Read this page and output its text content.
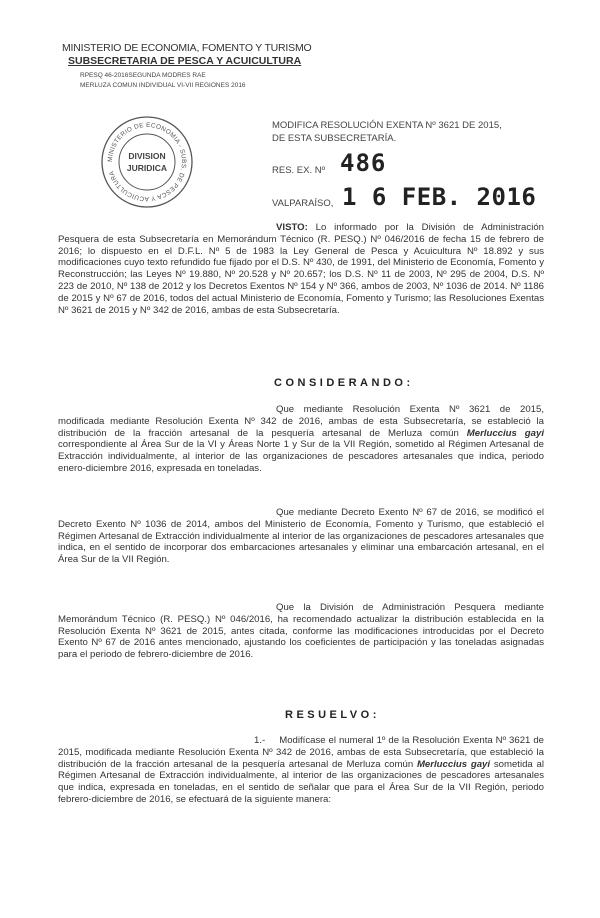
MINISTERIO DE ECONOMIA, FOMENTO Y TURISMO
SUBSECRETARIA DE PESCA Y ACUICULTURA
RPESQ 46-2016SEGUNDA MODRES RAE
MERLUZA COMUN INDIVIDUAL VI-VII REGIONES 2016
MINISTERIO DE ECONOMIA - SUBS. DE PESCA Y ACUICULTURA
DIVISION
JURIDICA
MODIFICA RESOLUCIÓN EXENTA Nº 3621 DE 2015,
DE ESTA SUBSECRETARÍA.
RES. EX. Nº 486
VALPARAÍSO, 1 6 FEB. 2016
VISTO: Lo informado por la División de Administración Pesquera de esta Subsecretaría en Memorándum Técnico (R. PESQ.) Nº 046/2016 de fecha 15 de febrero de 2016; lo dispuesto en el D.F.L. Nº 5 de 1983 la Ley General de Pesca y Acuicultura Nº 18.892 y sus modificaciones cuyo texto refundido fue fijado por el D.S. Nº 430, de 1991, del Ministerio de Economía, Fomento y Reconstrucción; las Leyes Nº 19.880, Nº 20.528 y Nº 20.657; los D.S. Nº 11 de 2003, Nº 295 de 2004, D.S. Nº 223 de 2010, Nº 138 de 2012 y los Decretos Exentos Nº 154 y Nº 366, ambos de 2003, Nº 1036 de 2014. Nº 1186 de 2015 y Nº 67 de 2016, todos del actual Ministerio de Economía, Fomento y Turismo; las Resoluciones Exentas Nº 3621 de 2015 y Nº 342 de 2016, ambas de esta Subsecretaría.
CONSIDERANDO:
Que mediante Resolución Exenta Nº 3621 de 2015, modificada mediante Resolución Exenta Nº 342 de 2016, ambas de esta Subsecretaría, se estableció la distribución de la fracción artesanal de la pesquería artesanal de Merluza común Merluccius gayi correspondiente al Área Sur de la VI y Áreas Norte 1 y Sur de la VII Región, sometido al Régimen Artesanal de Extracción individualmente, al interior de las organizaciones de pescadores artesanales que indica, periodo enero-diciembre 2016, expresada en toneladas.
Que mediante Decreto Exento Nº 67 de 2016, se modificó el Decreto Exento Nº 1036 de 2014, ambos del Ministerio de Economía, Fomento y Turismo, que estableció el Régimen Artesanal de Extracción individualmente al interior de las organizaciones de pescadores artesanales que indica, en el sentido de incorporar dos embarcaciones artesanales y eliminar una embarcación artesanal, en el Área Sur de la VII Región.
Que la División de Administración Pesquera mediante Memorándum Técnico (R. PESQ.) Nº 046/2016, ha recomendado actualizar la distribución establecida en la Resolución Exenta Nº 3621 de 2015, antes citada, conforme las modificaciones introducidas por el Decreto Exento Nº 67 de 2016 antes mencionado, ajustando los coeficientes de participación y las toneladas asignadas para el periodo de febrero-diciembre de 2016.
RESUELVO:
1.- Modifícase el numeral 1º de la Resolución Exenta Nº 3621 de 2015, modificada mediante Resolución Exenta Nº 342 de 2016, ambas de esta Subsecretaría, que estableció la distribución de la fracción artesanal de la pesquería artesanal de Merluza común Merluccius gayi sometida al Régimen Artesanal de Extracción individualmente, al interior de las organizaciones de pescadores artesanales que indica, expresada en toneladas, en el sentido de señalar que para el Área Sur de la VII Región, periodo febrero-diciembre de 2016, se efectuará de la siguiente manera:
